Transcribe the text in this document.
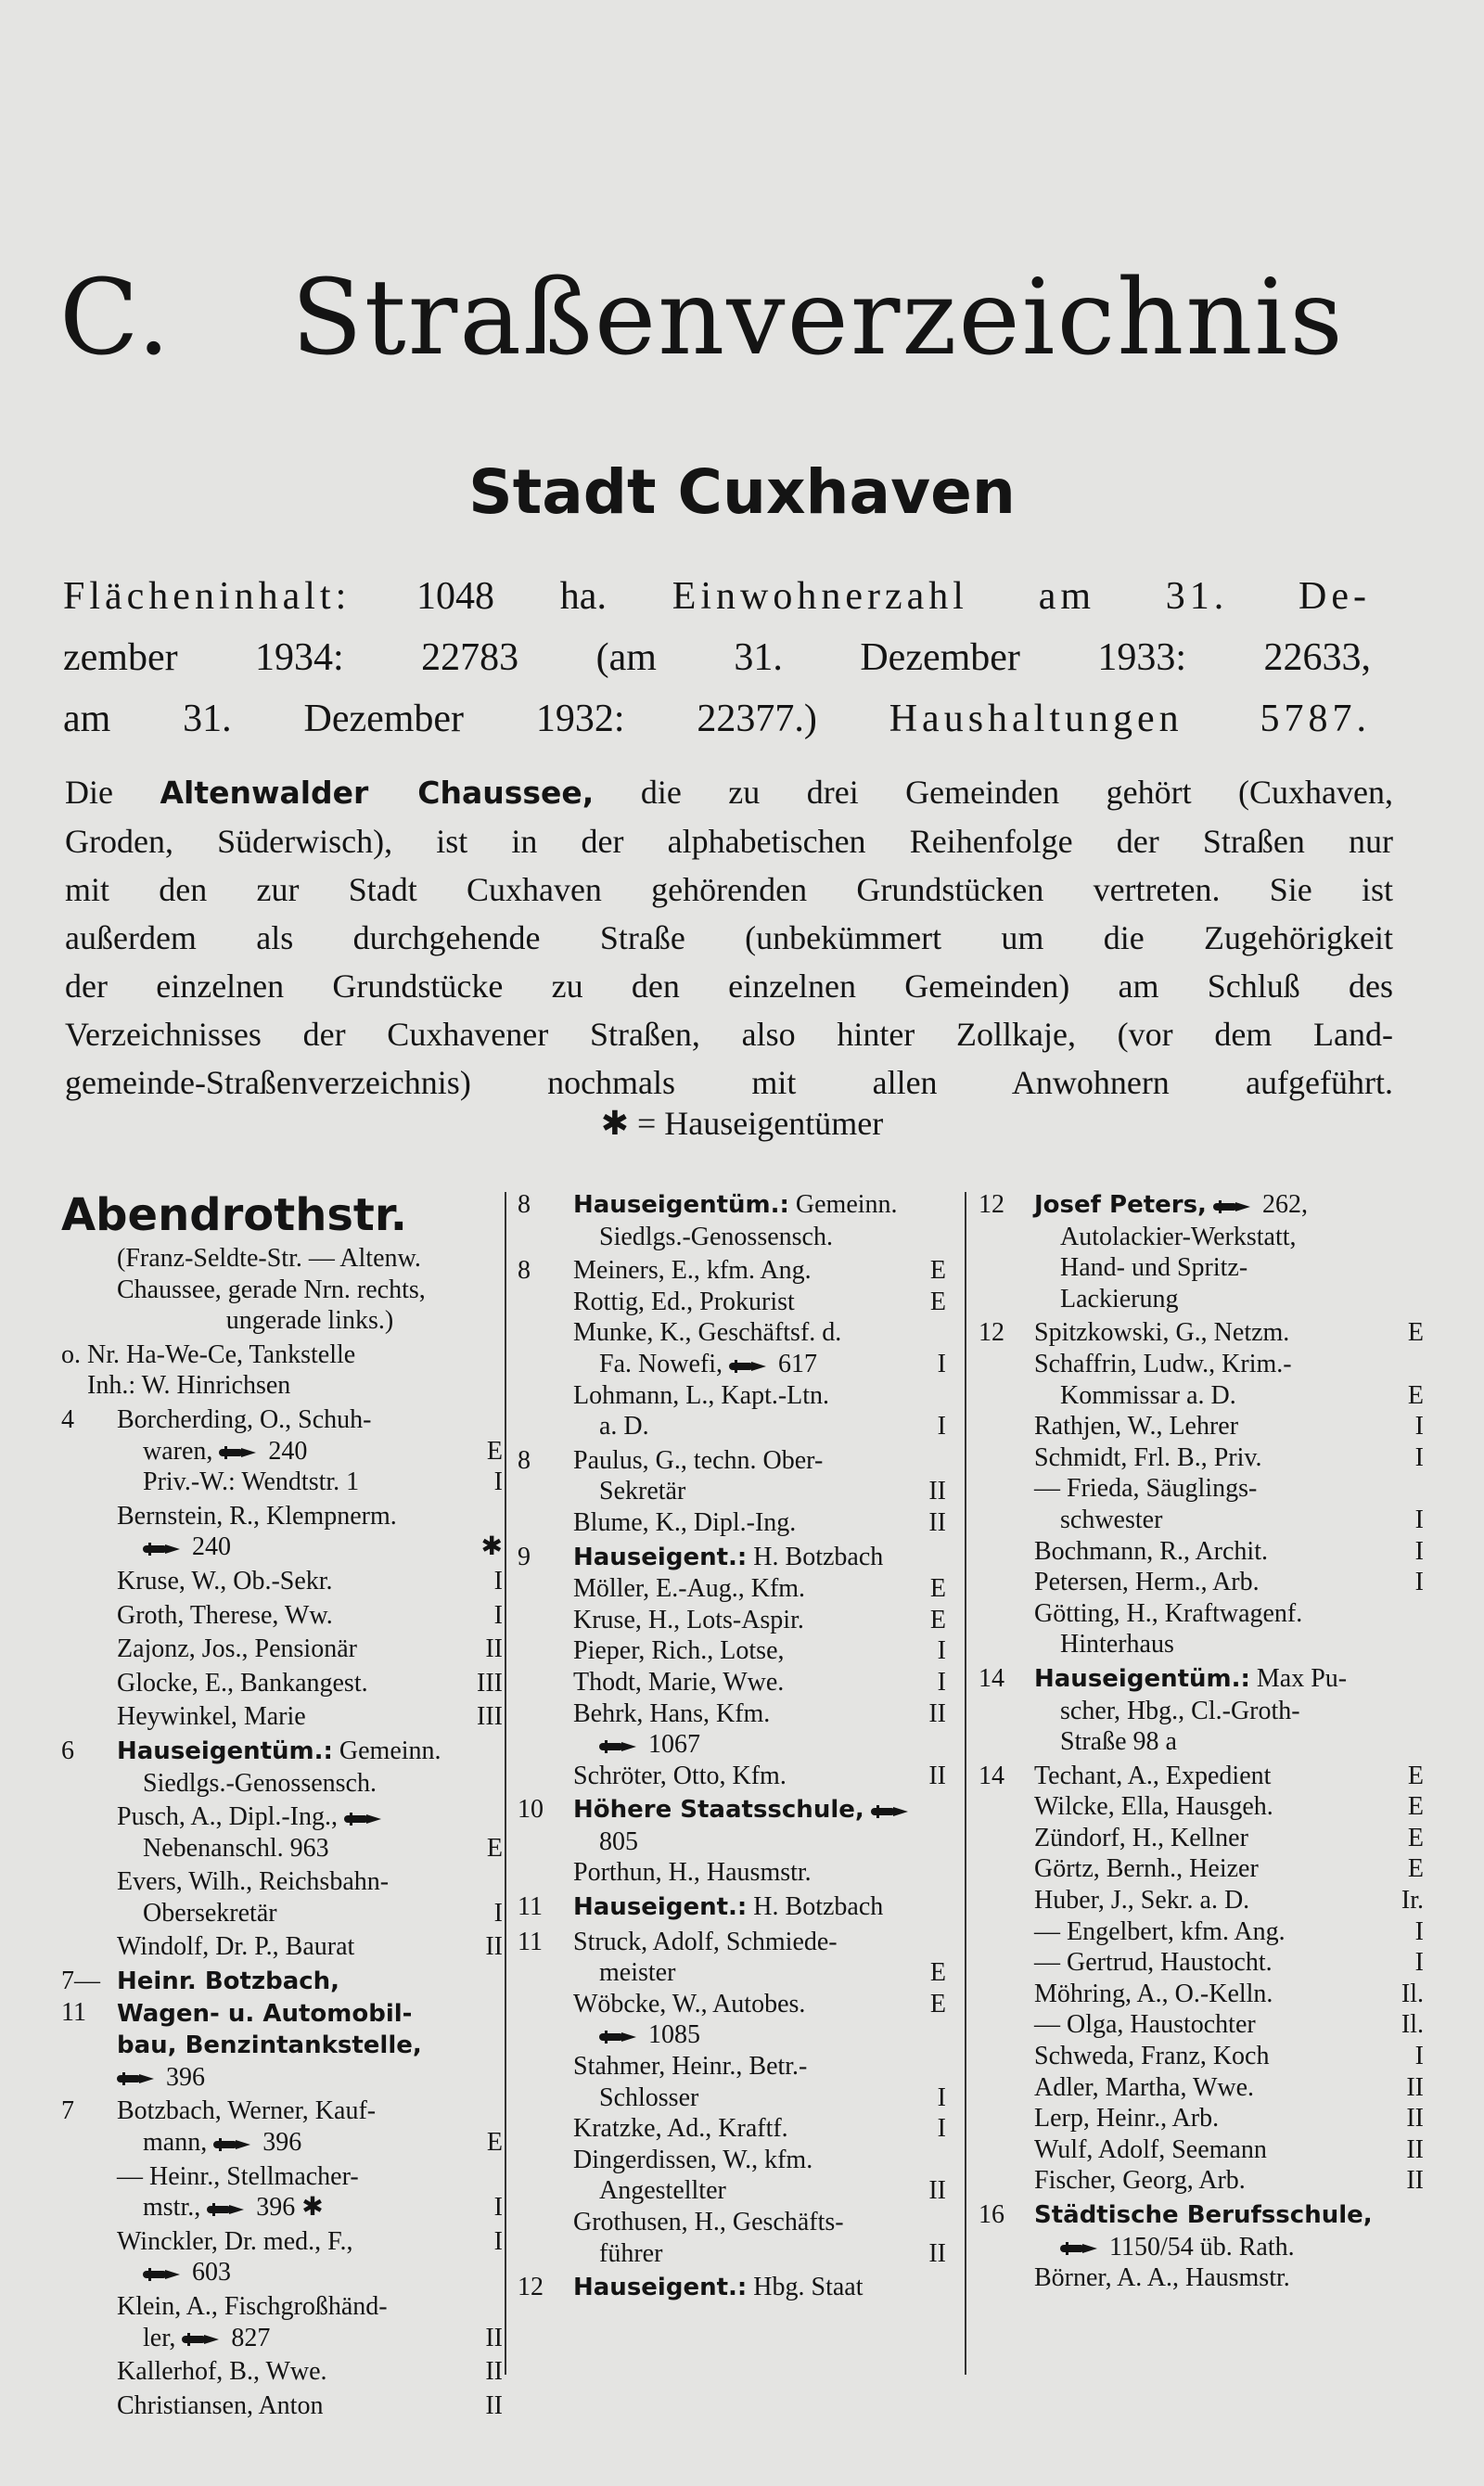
C. Straßenverzeichnis
Stadt Cuxhaven

Flächeninhalt: 1048 ha. Einwohnerzahl am 31. De-

zember 1934: 22783 (am 31. Dezember 1933: 22633,

am 31. Dezember 1932: 22377.) Haushaltungen 5787.

Die Altenwalder Chaussee, die zu drei Gemeinden gehört (Cuxhaven,

Groden, Süderwisch), ist in der alphabetischen Reihenfolge der Straßen nur

mit den zur Stadt Cuxhaven gehörenden Grundstücken vertreten. Sie ist

außerdem als durchgehende Straße (unbekümmert um die Zugehörigkeit

der einzelnen Grundstücke zu den einzelnen Gemeinden) am Schluß des

Verzeichnisses der Cuxhavener Straßen, also hinter Zollkaje, (vor dem Land-

gemeinde-Straßenverzeichnis) nochmals mit allen Anwohnern aufgeführt.

✱ = Hauseigentümer
Abendrothstr.
(Franz-Seldte-Str. — Altenw.
Chaussee, gerade Nrn. rechts,
ungerade links.)
o. Nr. Ha-We-Ce, Tankstelle
Inh.: W. Hinrichsen
4	Borcherding, O., Schuh-
waren,
240	E
Priv.-W.: Wendtstr. 1	I
Bernstein, R., Klempnerm.
240	✱
Kruse, W., Ob.-Sekr.	I
Groth, Therese, Ww.	I
Zajonz, Jos., Pensionär	II
Glocke, E., Bankangest.	III
Heywinkel, Marie	III
6	Hauseigentüm.: Gemeinn.
Siedlgs.-Genossensch.
Pusch, A., Dipl.-Ing.,
Nebenanschl. 963	E
Evers, Wilh., Reichsbahn-
Obersekretär	I
Windolf, Dr. P., Baurat	II
7—11
Heinr. Botzbach,
Wagen- u. Automobil-
bau, Benzintankstelle,
396
7	Botzbach, Werner, Kauf-
mann,
396	E
— Heinr., Stellmacher-
mstr.,
396 ✱	I
Winckler, Dr. med., F.,	I
603
Klein, A., Fischgroßhänd-
ler,
827	II
Kallerhof, B., Wwe.	II
Christiansen, Anton	II
8	Hauseigentüm.: Gemeinn.
Siedlgs.-Genossensch.
8	Meiners, E., kfm. Ang.	E
Rottig, Ed., Prokurist	E
Munke, K., Geschäftsf. d.
Fa. Nowefi,
617	I
Lohmann, L., Kapt.-Ltn.
a. D.	I
8	Paulus, G., techn. Ober-
Sekretär	II
Blume, K., Dipl.-Ing.	II
9	Hauseigent.: H. Botzbach
Möller, E.-Aug., Kfm.	E
Kruse, H., Lots-Aspir.	E
Pieper, Rich., Lotse,	I
Thodt, Marie, Wwe.	I
Behrk, Hans, Kfm.	II
1067
Schröter, Otto, Kfm.	II
10	Höhere Staatsschule,
805
Porthun, H., Hausmstr.
11	Hauseigent.: H. Botzbach
11	Struck, Adolf, Schmiede-
meister	E
Wöbcke, W., Autobes.	E
1085
Stahmer, Heinr., Betr.-
Schlosser	I
Kratzke, Ad., Kraftf.	I
Dingerdissen, W., kfm.
Angestellter	II
Grothusen, H., Geschäfts-
führer	II
12	Hauseigent.: Hbg. Staat
12	Josef Peters,
262,
Autolackier-Werkstatt,
Hand- und Spritz-
Lackierung
12	Spitzkowski, G., Netzm.	E
Schaffrin, Ludw., Krim.-
Kommissar a. D.	E
Rathjen, W., Lehrer	I
Schmidt, Frl. B., Priv.	I
— Frieda, Säuglings-
schwester	I
Bochmann, R., Archit.	I
Petersen, Herm., Arb.	I
Götting, H., Kraftwagenf.
Hinterhaus
14	Hauseigentüm.: Max Pu-
scher, Hbg., Cl.-Groth-
Straße 98 a
14	Techant, A., Expedient	E
Wilcke, Ella, Hausgeh.	E
Zündorf, H., Kellner	E
Görtz, Bernh., Heizer	E
Huber, J., Sekr. a. D.	Ir.
— Engelbert, kfm. Ang.	I
— Gertrud, Haustocht.	I
Möhring, A., O.-Kelln.	Il.
— Olga, Haustochter	Il.
Schweda, Franz, Koch	I
Adler, Martha, Wwe.	II
Lerp, Heinr., Arb.	II
Wulf, Adolf, Seemann	II
Fischer, Georg, Arb.	II
16	Städtische Berufsschule,
1150/54 üb. Rath.
Börner, A. A., Hausmstr.
